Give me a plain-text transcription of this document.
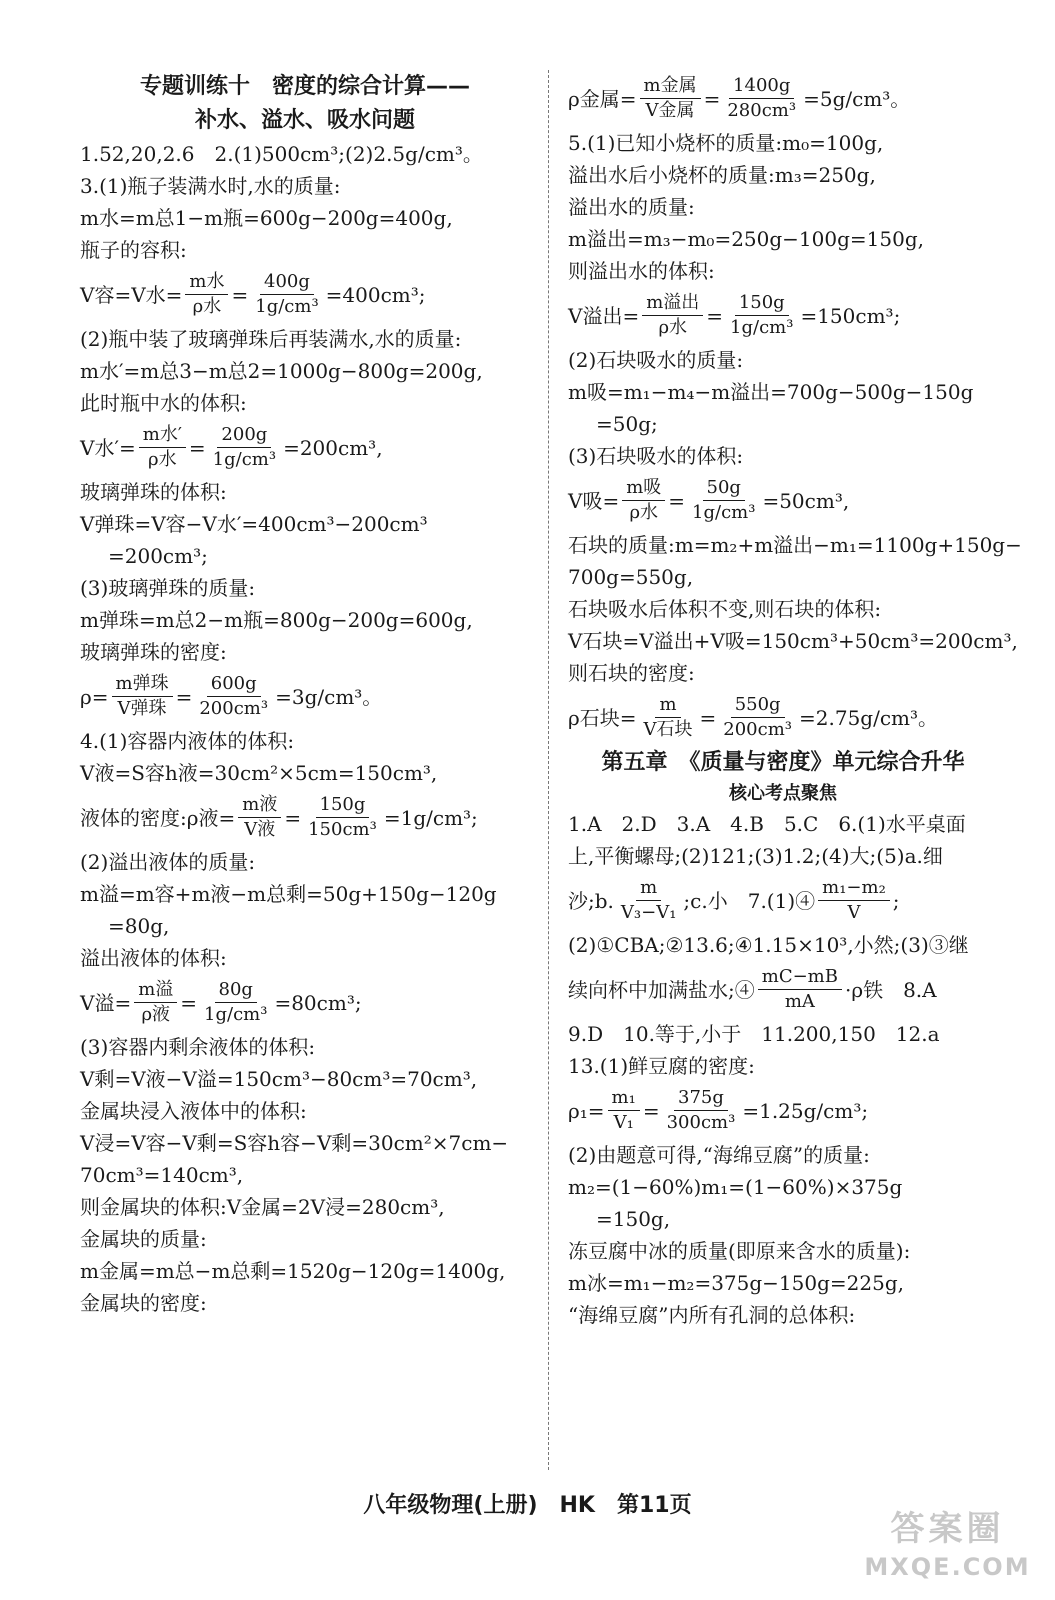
专题训练十　密度的综合计算——
补水、溢水、吸水问题
1.52,20,2.6　2.(1)500cm³;(2)2.5g/cm³。
3.(1)瓶子装满水时,水的质量:
m水=m总1−m瓶=600g−200g=400g,
瓶子的容积:
V容=V水= $\frac{\text{m水}}{\text{ρ水}} = \frac{400g}{\text{1g/cm³}} =400cm^3$;
(2)瓶中装了玻璃弹珠后再装满水,水的质量:
m水′=m总3−m总2=1000g−800g=200g,
此时瓶中水的体积:
V水′= $\frac{\text{m水′}}{\text{ρ水}} = \frac{200g}{\text{1g/cm³}} =200cm^3$,
玻璃弹珠的体积:
V弹珠=V容−V水′=400cm³−200cm³
=200cm³;
(3)玻璃弹珠的质量:
m弹珠=m总2−m瓶=800g−200g=600g,
玻璃弹珠的密度:
$\rho= \frac{\text{m弹珠}}{\text{V弹珠}} = \frac{600g}{\text{200cm³}} =3g/cm^3$。
4.(1)容器内液体的体积:
V液=S容h液=30cm²×5cm=150cm³,
液体的密度:ρ液= $\frac{\text{m液}}{\text{V液}} = \frac{150g}{\text{150cm³}} =1g/cm^3$;
(2)溢出液体的质量:
m溢=m容+m液−m总剩=50g+150g−120g
=80g,
溢出液体的体积:
V溢= $\frac{\text{m溢}}{\text{ρ液}} = \frac{80g}{\text{1g/cm³}} =80cm^3$;
(3)容器内剩余液体的体积:
V剩=V液−V溢=150cm³−80cm³=70cm³,
金属块浸入液体中的体积:
V浸=V容−V剩=S容h容−V剩=30cm²×7cm−
70cm³=140cm³,
则金属块的体积:V金属=2V浸=280cm³,
金属块的质量:
m金属=m总−m总剩=1520g−120g=1400g,
金属块的密度:
ρ金属= $\frac{\text{m金属}}{\text{V金属}} = \frac{1400g}{\text{280cm³}} =5g/cm^3$。
5.(1)已知小烧杯的质量:m₀=100g,
溢出水后小烧杯的质量:m₃=250g,
溢出水的质量:
m溢出=m₃−m₀=250g−100g=150g,
则溢出水的体积:
V溢出= $\frac{\text{m溢出}}{\text{ρ水}} = \frac{150g}{\text{1g/cm³}} =150cm^3$;
(2)石块吸水的质量:
m吸=m₁−m₄−m溢出=700g−500g−150g
=50g;
(3)石块吸水的体积:
V吸= $\frac{\text{m吸}}{\text{ρ水}} = \frac{50g}{\text{1g/cm³}} =50cm^3$,
石块的质量:m=m₂+m溢出−m₁=1100g+150g−
700g=550g,
石块吸水后体积不变,则石块的体积:
V石块=V溢出+V吸=150cm³+50cm³=200cm³,
则石块的密度:
ρ石块= $\frac{m}{\text{V石块}} = \frac{550g}{\text{200cm³}} =2.75g/cm^3$。
第五章　《质量与密度》单元综合升华
核心考点聚焦
1.A　2.D　3.A　4.B　5.C　6.(1)水平桌面
上,平衡螺母;(2)121;(3)1.2;(4)大;(5)a.细
沙;b. $\frac{m}{\text{V₃−V₁}}$ ;c.小　7.(1)④ $\frac{\text{m₁−m₂}}{V}$ ;
(2)①CBA;②13.6;④1.15×10³,小然;(3)③继
续向杯中加满盐水;④ $\frac{mC-mB}{mA} \cdot\rho$铁　8.A
9.D　10.等于,小于　11.200,150　12.a
13.(1)鲜豆腐的密度:
$\rho_1= \frac{\text{m₁}}{\text{V₁}} = \frac{375g}{\text{300cm³}} =1.25g/cm^3$;
(2)由题意可得,“海绵豆腐”的质量:
m₂=(1−60%)m₁=(1−60%)×375g
=150g,
冻豆腐中冰的质量(即原来含水的质量):
m冰=m₁−m₂=375g−150g=225g,
“海绵豆腐”内所有孔洞的总体积:
八年级物理(上册)　HK　第11页
答案圈
MXQE.COM
